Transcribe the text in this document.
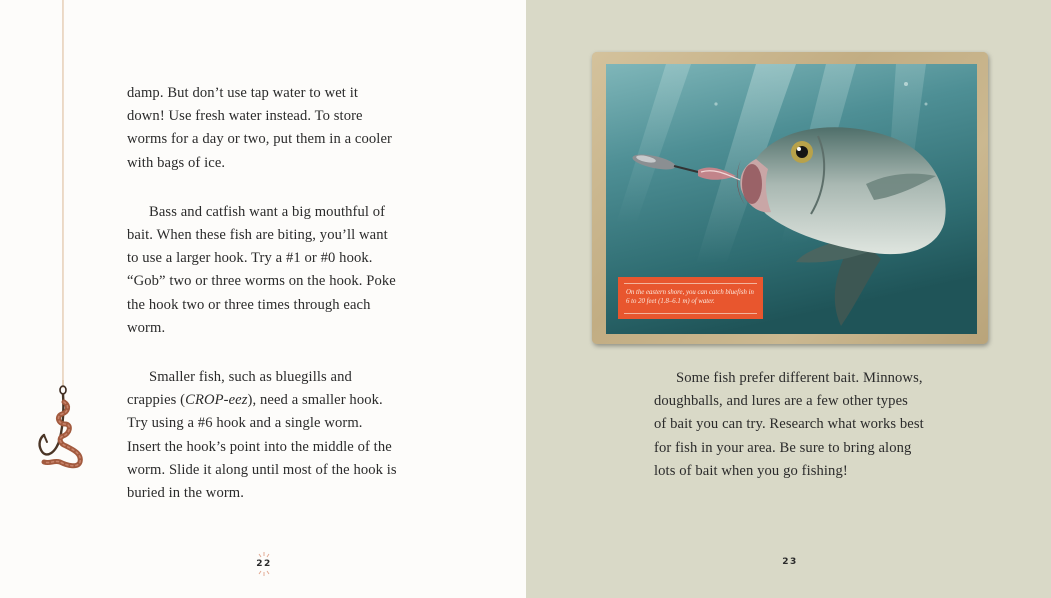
damp. But don’t use tap water to wet it down! Use fresh water instead. To store worms for a day or two, put them in a cooler with bags of ice.

Bass and catfish want a big mouthful of bait. When these fish are biting, you’ll want to use a larger hook. Try a #1 or #0 hook. “Gob” two or three worms on the hook. Poke the hook two or three times through each worm.

Smaller fish, such as bluegills and crappies (CROP-eez), need a smaller hook. Try using a #6 hook and a single worm. Insert the hook’s point into the middle of the worm. Slide it along until most of the hook is buried in the worm.

22
On the eastern shore, you can catch bluefish in 6 to 20 feet (1.8–6.1 m) of water.

Some fish prefer different bait. Minnows, doughballs, and lures are a few other types of bait you can try. Research what works best for fish in your area. Be sure to bring along lots of bait when you go fishing!

23
